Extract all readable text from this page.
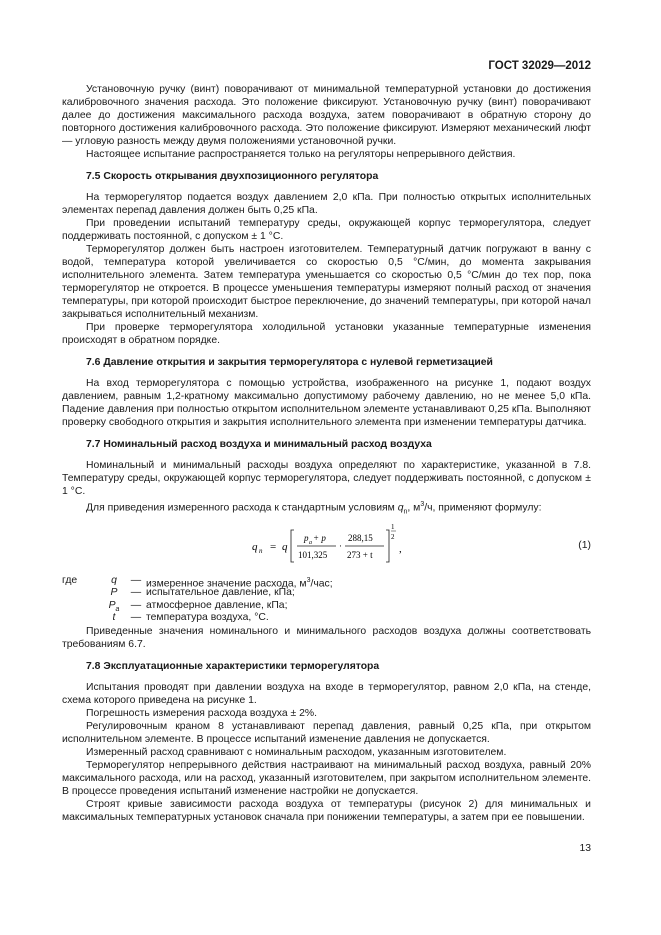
ГОСТ 32029—2012

Установочную ручку (винт) поворачивают от минимальной температурной установки до достижения калибровочного значения расхода. Это положение фиксируют. Установочную ручку (винт) поворачивают далее до достижения максимального расхода воздуха, затем поворачивают в обратную сторону до повторного достижения калибровочного расхода. Это положение фиксируют. Измеряют механический люфт — угловую разность между двумя положениями установочной ручки.

Настоящее испытание распространяется только на регуляторы непрерывного действия.

7.5 Скорость открывания двухпозиционного регулятора

На терморегулятор подается воздух давлением 2,0 кПа. При полностью открытых исполнительных элементах перепад давления должен быть 0,25 кПа.

При проведении испытаний температуру среды, окружающей корпус терморегулятора, следует поддерживать постоянной, с допуском ± 1 °С.

Терморегулятор должен быть настроен изготовителем. Температурный датчик погружают в ванну с водой, температура которой увеличивается со скоростью 0,5 °С/мин, до момента закрывания исполнительного элемента. Затем температура уменьшается со скоростью 0,5 °С/мин до тех пор, пока терморегулятор не откроется. В процессе уменьшения температуры измеряют полный расход от значения температуры, при которой происходит быстрое переключение, до значений температуры, при которой начал закрываться исполнительный механизм.

При проверке терморегулятора холодильной установки указанные температурные изменения происходят в обратном порядке.

7.6 Давление открытия и закрытия терморегулятора с нулевой герметизацией

На вход терморегулятора с помощью устройства, изображенного на рисунке 1, подают воздух давлением, равным 1,2-кратному максимально допустимому рабочему давлению, но не менее 5,0 кПа. Падение давления при полностью открытом исполнительном элементе устанавливают 0,25 кПа. Выполняют проверку свободного открытия и закрытия исполнительного элемента при изменении температуры датчика.

7.7 Номинальный расход воздуха и минимальный расход воздуха

Номинальный и минимальный расходы воздуха определяют по характеристике, указанной в 7.8. Температуру среды, окружающей корпус терморегулятора, следует поддерживать постоянной, с допуском ± 1 °С.

Для приведения измеренного расхода к стандартным условиям $q_n$, $м^3/ч$, применяют формулу:

q n = q
p a + p
101,325
·
288,15
273 + t
1
2
,	(1)
где	q	— измеренное значение расхода, $м^3$/час;
P	— испытательное давление, кПа;
$P_a$	— атмосферное давление, кПа;
t	— температура воздуха, °С.

Приведенные значения номинального и минимального расходов воздуха должны соответствовать требованиям 6.7.

7.8 Эксплуатационные характеристики терморегулятора

Испытания проводят при давлении воздуха на входе в терморегулятор, равном 2,0 кПа, на стенде, схема которого приведена на рисунке 1.

Погрешность измерения расхода воздуха ± 2%.

Регулировочным краном 8 устанавливают перепад давления, равный 0,25 кПа, при открытом исполнительном элементе. В процессе испытаний изменение давления не допускается.

Измеренный расход сравнивают с номинальным расходом, указанным изготовителем.

Терморегулятор непрерывного действия настраивают на минимальный расход воздуха, равный 20% максимального расхода, или на расход, указанный изготовителем, при закрытом исполнительном элементе. В процессе проведения испытаний изменение настройки не допускается.

Строят кривые зависимости расхода воздуха от температуры (рисунок 2) для минимальных и максимальных температурных установок сначала при понижении температуры, а затем при ее повышении.

13
